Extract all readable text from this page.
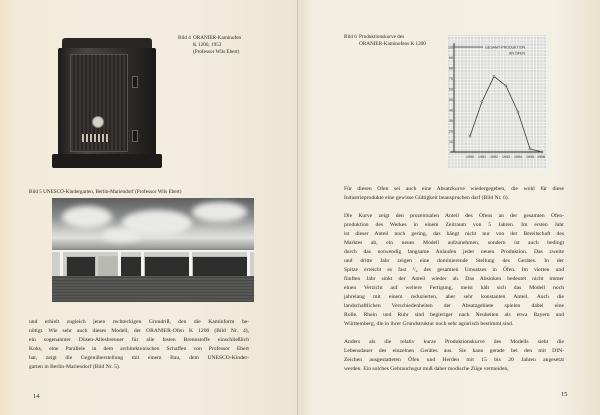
Bild 4 ORANIER-Kaminofen
K 1200, 1953
(Professor Wils Ebert)
Bild 5 UNESCO-Kindergarten, Berlin-Mariendorf (Professor Wils Ebert)

und erhielt zugleich jenen rechteckigen Grundriß, den die Kaminform be-
nötigt. Wie sehr auch dieses Modell, der ORANIER-Ofen K 1200 (Bild Nr. 4),
ein sogenannter Düsen-Allesbrenner für alle festen Brennstoffe einschließlich
Koks, eine Parallele in dem architektonischen Schaffen von Professor Ebert
hat, zeigt die Gegenüberstellung mit einem Bau, dem UNESCO-Kinder-
garten in Berlin-Mariendorf (Bild Nr. 5).

14
Bild 6 Produktionskurve des
ORANIER-Kaminofens K 1200
GESAMT-PRODUKTION
AN ÖFEN
100
90
80
70
60
50
40
30
20
10
1950 1951 1952 1953 1954 1955 1956

Für diesen Ofen sei auch eine Absatzkurve wiedergegeben, die wohl für diese
Industrieprodukte eine gewisse Gültigkeit beanspruchen darf (Bild Nr. 6).

Die Kurve zeigt den prozentualen Anteil des Ofens an der gesamten Ofen-
produktion des Werkes in einem Zeitraum von 5 Jahren. Im ersten Jahr
ist dieser Anteil noch gering, das hängt nicht nur von der Bereitschaft des
Marktes ab, ein neues Modell aufzunehmen, sondern ist auch bedingt
durch das notwendig langsame Anlaufen jeder neuen Produktion. Das zweite
und dritte Jahr zeigen eine dominierende Stellung des Gerätes. In der
Spitze erreicht es fast ³/₄ des gesamten Umsatzes in Öfen. Im vierten und
fünften Jahr sinkt der Anteil wieder ab. Das Absinken bedeutet nicht immer
einen Verzicht auf weitere Fertigung, meist hält sich das Modell noch
jahrelang mit einem reduzierten, aber sehr konstanten Anteil. Auch die
landschaftlichen Verschiedenheiten der Absatzgebiete spielen dabei eine
Rolle. Rhein und Ruhr sind begieriger nach Neuheiten als etwa Bayern und
Württemberg, die in ihrer Grundstruktur noch sehr agrarisch bestimmt sind.

Anders als die relativ kurze Produktionskurve des Modells sieht die
Lebensdauer des einzelnen Gerätes aus. Sie kann gerade bei den mit DIN-
Zeichen ausgestatteten Öfen und Herden mit 15 bis 20 Jahren angesetzt
werden. Ein solches Gebrauchsgut muß daher modische Züge vermeiden,

15
